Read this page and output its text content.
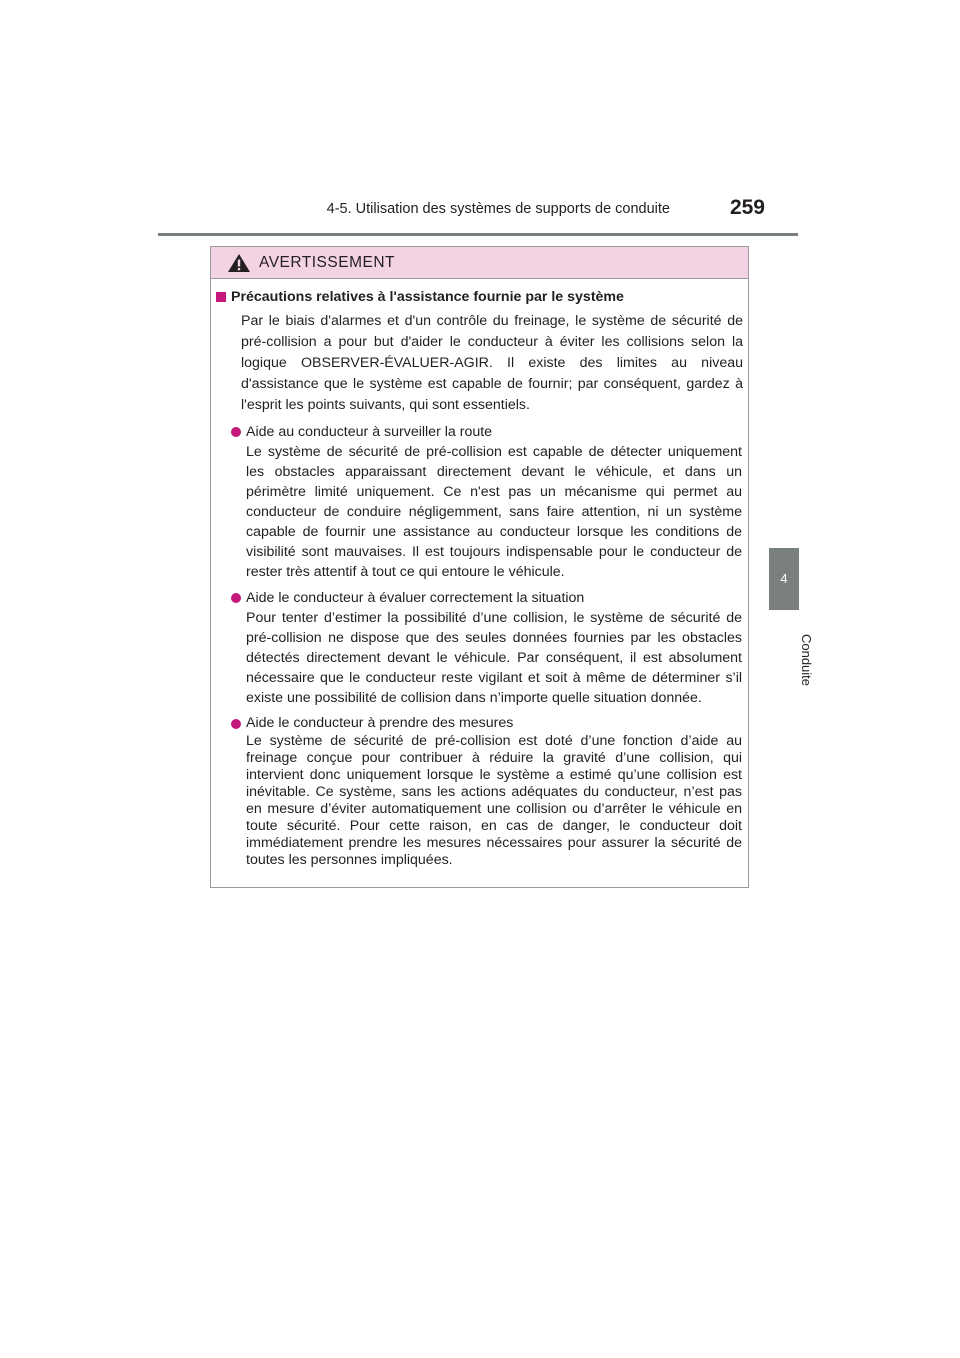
4-5. Utilisation des systèmes de supports de conduite	259
4
Conduite
AVERTISSEMENT
Précautions relatives à l'assistance fournie par le système

Par le biais d'alarmes et d'un contrôle du freinage, le système de sécurité de pré-collision a pour but d'aider le conducteur à éviter les collisions selon la logique OBSERVER-ÉVALUER-AGIR. Il existe des limites au niveau d'assistance que le système est capable de fournir; par conséquent, gardez à l'esprit les points suivants, qui sont essentiels.

Aide au conducteur à surveiller la route
Le système de sécurité de pré-collision est capable de détecter uniquement les obstacles apparaissant directement devant le véhicule, et dans un périmètre limité uniquement. Ce n'est pas un mécanisme qui permet au conducteur de conduire négligemment, sans faire attention, ni un système capable de fournir une assistance au conducteur lorsque les conditions de visibilité sont mauvaises. Il est toujours indispensable pour le conducteur de rester très attentif à tout ce qui entoure le véhicule.
Aide le conducteur à évaluer correctement la situation
Pour tenter d’estimer la possibilité d’une collision, le système de sécurité de pré-collision ne dispose que des seules données fournies par les obstacles détectés directement devant le véhicule. Par conséquent, il est absolument nécessaire que le conducteur reste vigilant et soit à même de déterminer s’il existe une possibilité de collision dans n’importe quelle situation donnée.
Aide le conducteur à prendre des mesures
Le système de sécurité de pré-collision est doté d’une fonction d’aide au freinage conçue pour contribuer à réduire la gravité d’une collision, qui intervient donc uniquement lorsque le système a estimé qu’une collision est inévitable. Ce système, sans les actions adéquates du conducteur, n’est pas en mesure d’éviter automatiquement une collision ou d’arrêter le véhicule en toute sécurité. Pour cette raison, en cas de danger, le conducteur doit immédiatement prendre les mesures nécessaires pour assurer la sécurité de toutes les personnes impliquées.
